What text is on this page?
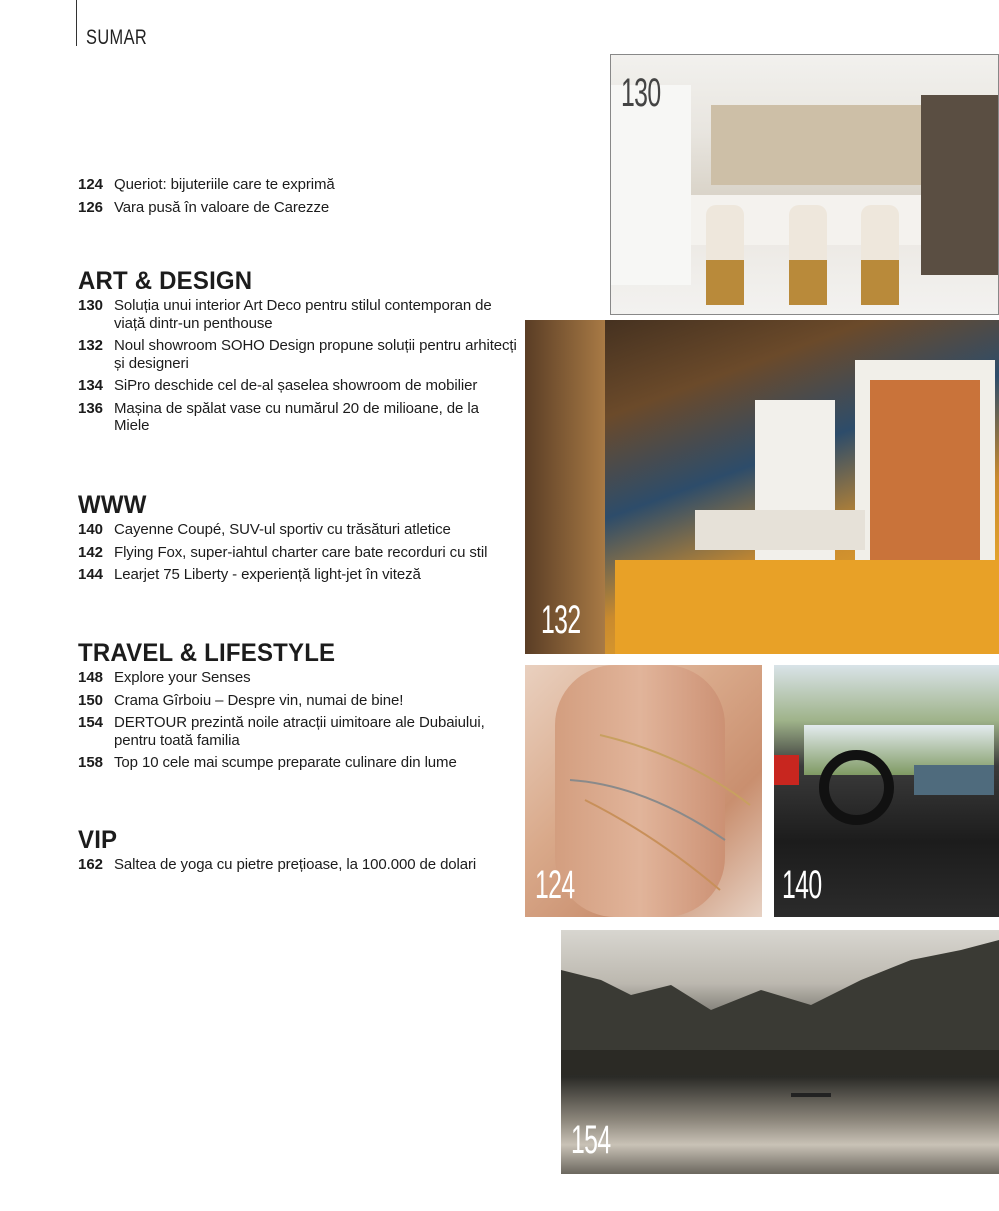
SUMAR
124 Queriot: bijuteriile care te exprimă
126 Vara pusă în valoare de Carezze
ART & DESIGN
130 Soluția unui interior Art Deco pentru stilul contemporan de viață dintr-un penthouse
132 Noul showroom SOHO Design propune soluții pentru arhitecți și designeri
134 SiPro deschide cel de-al șaselea showroom de mobilier
136 Mașina de spălat vase cu numărul 20 de milioane, de la Miele
WWW
140 Cayenne Coupé, SUV-ul sportiv cu trăsături atletice
142 Flying Fox, super-iahtul charter care bate recorduri cu stil
144 Learjet 75 Liberty - experiență light-jet în viteză
TRAVEL & LIFESTYLE
148 Explore your Senses
150 Crama Gîrboiu – Despre vin, numai de bine!
154 DERTOUR prezintă noile atracții uimitoare ale Dubaiului, pentru toată familia
158 Top 10 cele mai scumpe preparate culinare din lume
VIP
162 Saltea de yoga cu pietre prețioase, la 100.000 de dolari
130
132
124	140
154
